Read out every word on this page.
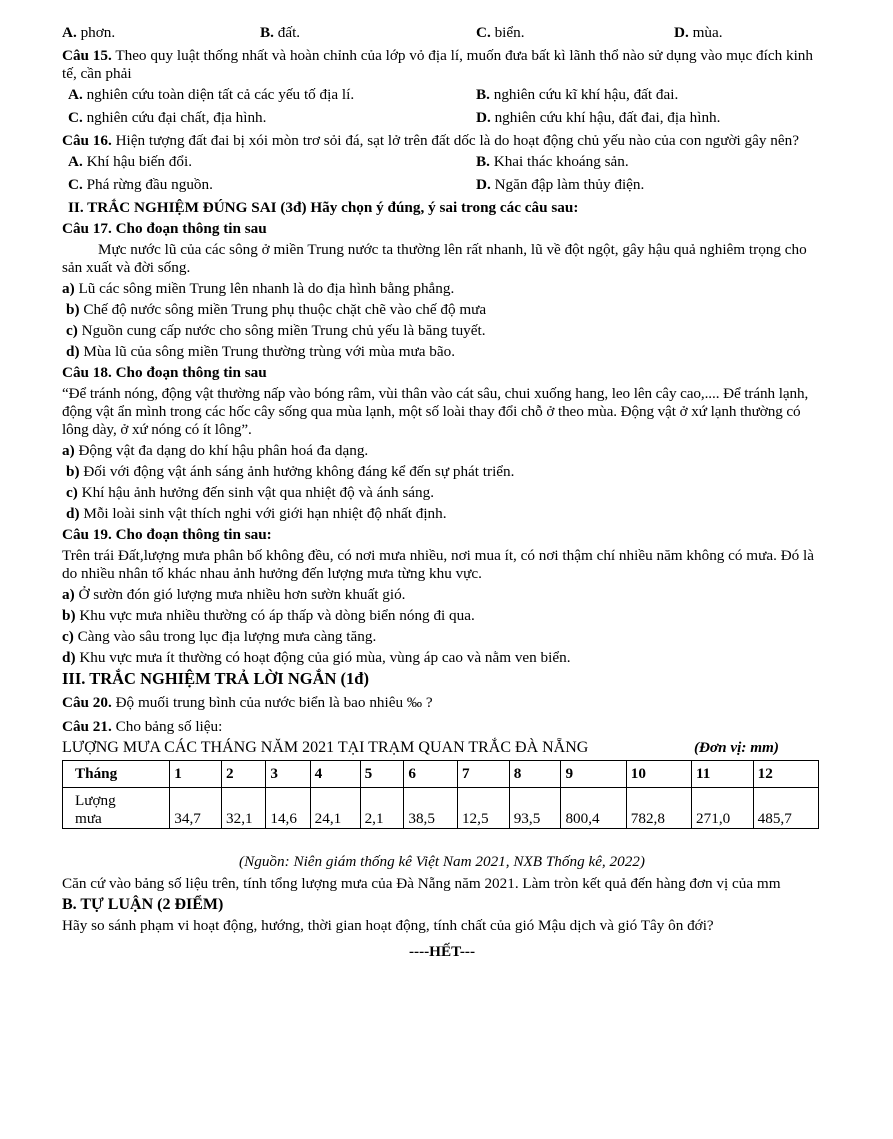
A. phơn.	B. đất.	C. biển.	D. mùa.

Câu 15. Theo quy luật thống nhất và hoàn chỉnh của lớp vỏ địa lí, muốn đưa bất kì lãnh thổ nào sử dụng vào mục đích kinh tế, cần phải

A. nghiên cứu toàn diện tất cả các yếu tố địa lí.	B. nghiên cứu kĩ khí hậu, đất đai.
C. nghiên cứu đại chất, địa hình.	D. nghiên cứu khí hậu, đất đai, địa hình.

Câu 16. Hiện tượng đất đai bị xói mòn trơ sỏi đá, sạt lở trên đất dốc là do hoạt động chủ yếu nào của con người gây nên?

A. Khí hậu biến đổi.	B. Khai thác khoáng sản.
C. Phá rừng đầu nguồn.	D. Ngăn đập làm thủy điện.

II. TRẮC NGHIỆM ĐÚNG SAI (3đ) Hãy chọn ý đúng, ý sai trong các câu sau:

Câu 17. Cho đoạn thông tin sau

Mực nước lũ của các sông ở miền Trung nước ta thường lên rất nhanh, lũ về đột ngột, gây hậu quả nghiêm trọng cho sản xuất và đời sống.

a) Lũ các sông miền Trung lên nhanh là do địa hình bằng phẳng.

b) Chế độ nước sông miền Trung phụ thuộc chặt chẽ vào chế độ mưa

c) Nguồn cung cấp nước cho sông miền Trung chủ yếu là băng tuyết.

d) Mùa lũ của sông miền Trung thường trùng với mùa mưa bão.

Câu 18. Cho đoạn thông tin sau

“Để tránh nóng, động vật thường nấp vào bóng râm, vùi thân vào cát sâu, chui xuống hang, leo lên cây cao,.... Để tránh lạnh, động vật ẩn mình trong các hốc cây sống qua mùa lạnh, một số loài thay đổi chỗ ở theo mùa. Động vật ở xứ lạnh thường có lông dày, ở xứ nóng có ít lông”.

a) Động vật đa dạng do khí hậu phân hoá đa dạng.

b) Đối với động vật ánh sáng ảnh hưởng không đáng kể đến sự phát triển.

c) Khí hậu ảnh hưởng đến sinh vật qua nhiệt độ và ánh sáng.

d) Mỗi loài sinh vật thích nghi với giới hạn nhiệt độ nhất định.

Câu 19. Cho đoạn thông tin sau:

Trên trái Đất,lượng mưa phân bố không đều, có nơi mưa nhiều, nơi mua ít, có nơi thậm chí nhiều năm không có mưa. Đó là do nhiều nhân tố khác nhau ảnh hưởng đến lượng mưa từng khu vực.

a) Ở sườn đón gió lượng mưa nhiều hơn sườn khuất gió.

b) Khu vực mưa nhiều thường có áp thấp và dòng biển nóng đi qua.

c) Càng vào sâu trong lục địa lượng mưa càng tăng.

d) Khu vực mưa ít thường có hoạt động của gió mùa, vùng áp cao và nằm ven biển.

III. TRẮC NGHIỆM TRẢ LỜI NGẮN (1đ)

Câu 20. Độ muối trung bình của nước biển là bao nhiêu ‰ ?

Câu 21. Cho bảng số liệu:

LƯỢNG MƯA CÁC THÁNG NĂM 2021 TẠI TRẠM QUAN TRẮC ĐÀ NẴNG	(Đơn vị: mm)
Tháng	1	2	3	4	5	6	7	8	9	10	11	12
Lượng
mưa	34,7	32,1	14,6	24,1	2,1	38,5	12,5	93,5	800,4	782,8	271,0	485,7

(Nguồn: Niên giám thống kê Việt Nam 2021, NXB Thống kê, 2022)

Căn cứ vào bảng số liệu trên, tính tổng lượng mưa của Đà Nẵng năm 2021. Làm tròn kết quả đến hàng đơn vị của mm

B. TỰ LUẬN (2 ĐIỂM)

Hãy so sánh phạm vi hoạt động, hướng, thời gian hoạt động, tính chất của gió Mậu dịch và gió Tây ôn đới?

----HẾT---
